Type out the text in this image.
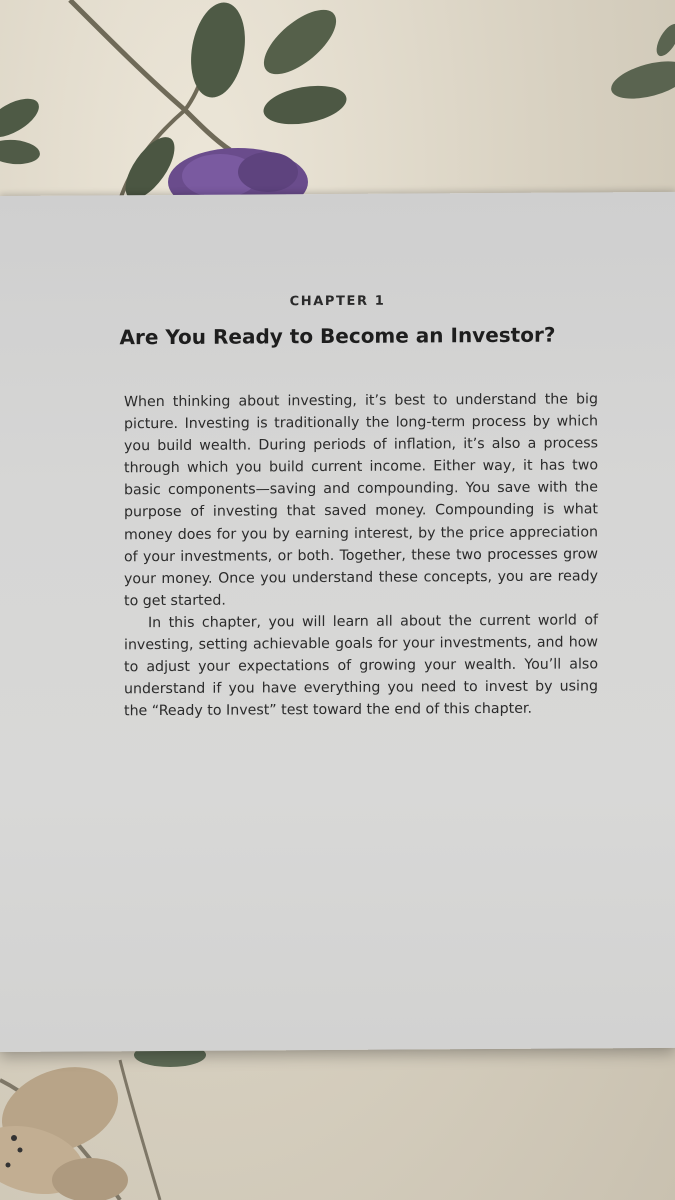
CHAPTER 1
Are You Ready to Become an Investor?

When thinking about investing, it’s best to understand the big picture. Investing is traditionally the long-term process by which you build wealth. During periods of inflation, it’s also a process through which you build current income. Either way, it has two basic components—saving and compounding. You save with the purpose of investing that saved money. Compounding is what money does for you by earning interest, by the price appreciation of your investments, or both. Together, these two processes grow your money. Once you understand these concepts, you are ready to get started.

In this chapter, you will learn all about the current world of investing, setting achievable goals for your investments, and how to adjust your expectations of growing your wealth. You’ll also understand if you have everything you need to invest by using the “Ready to Invest” test toward the end of this chapter.
